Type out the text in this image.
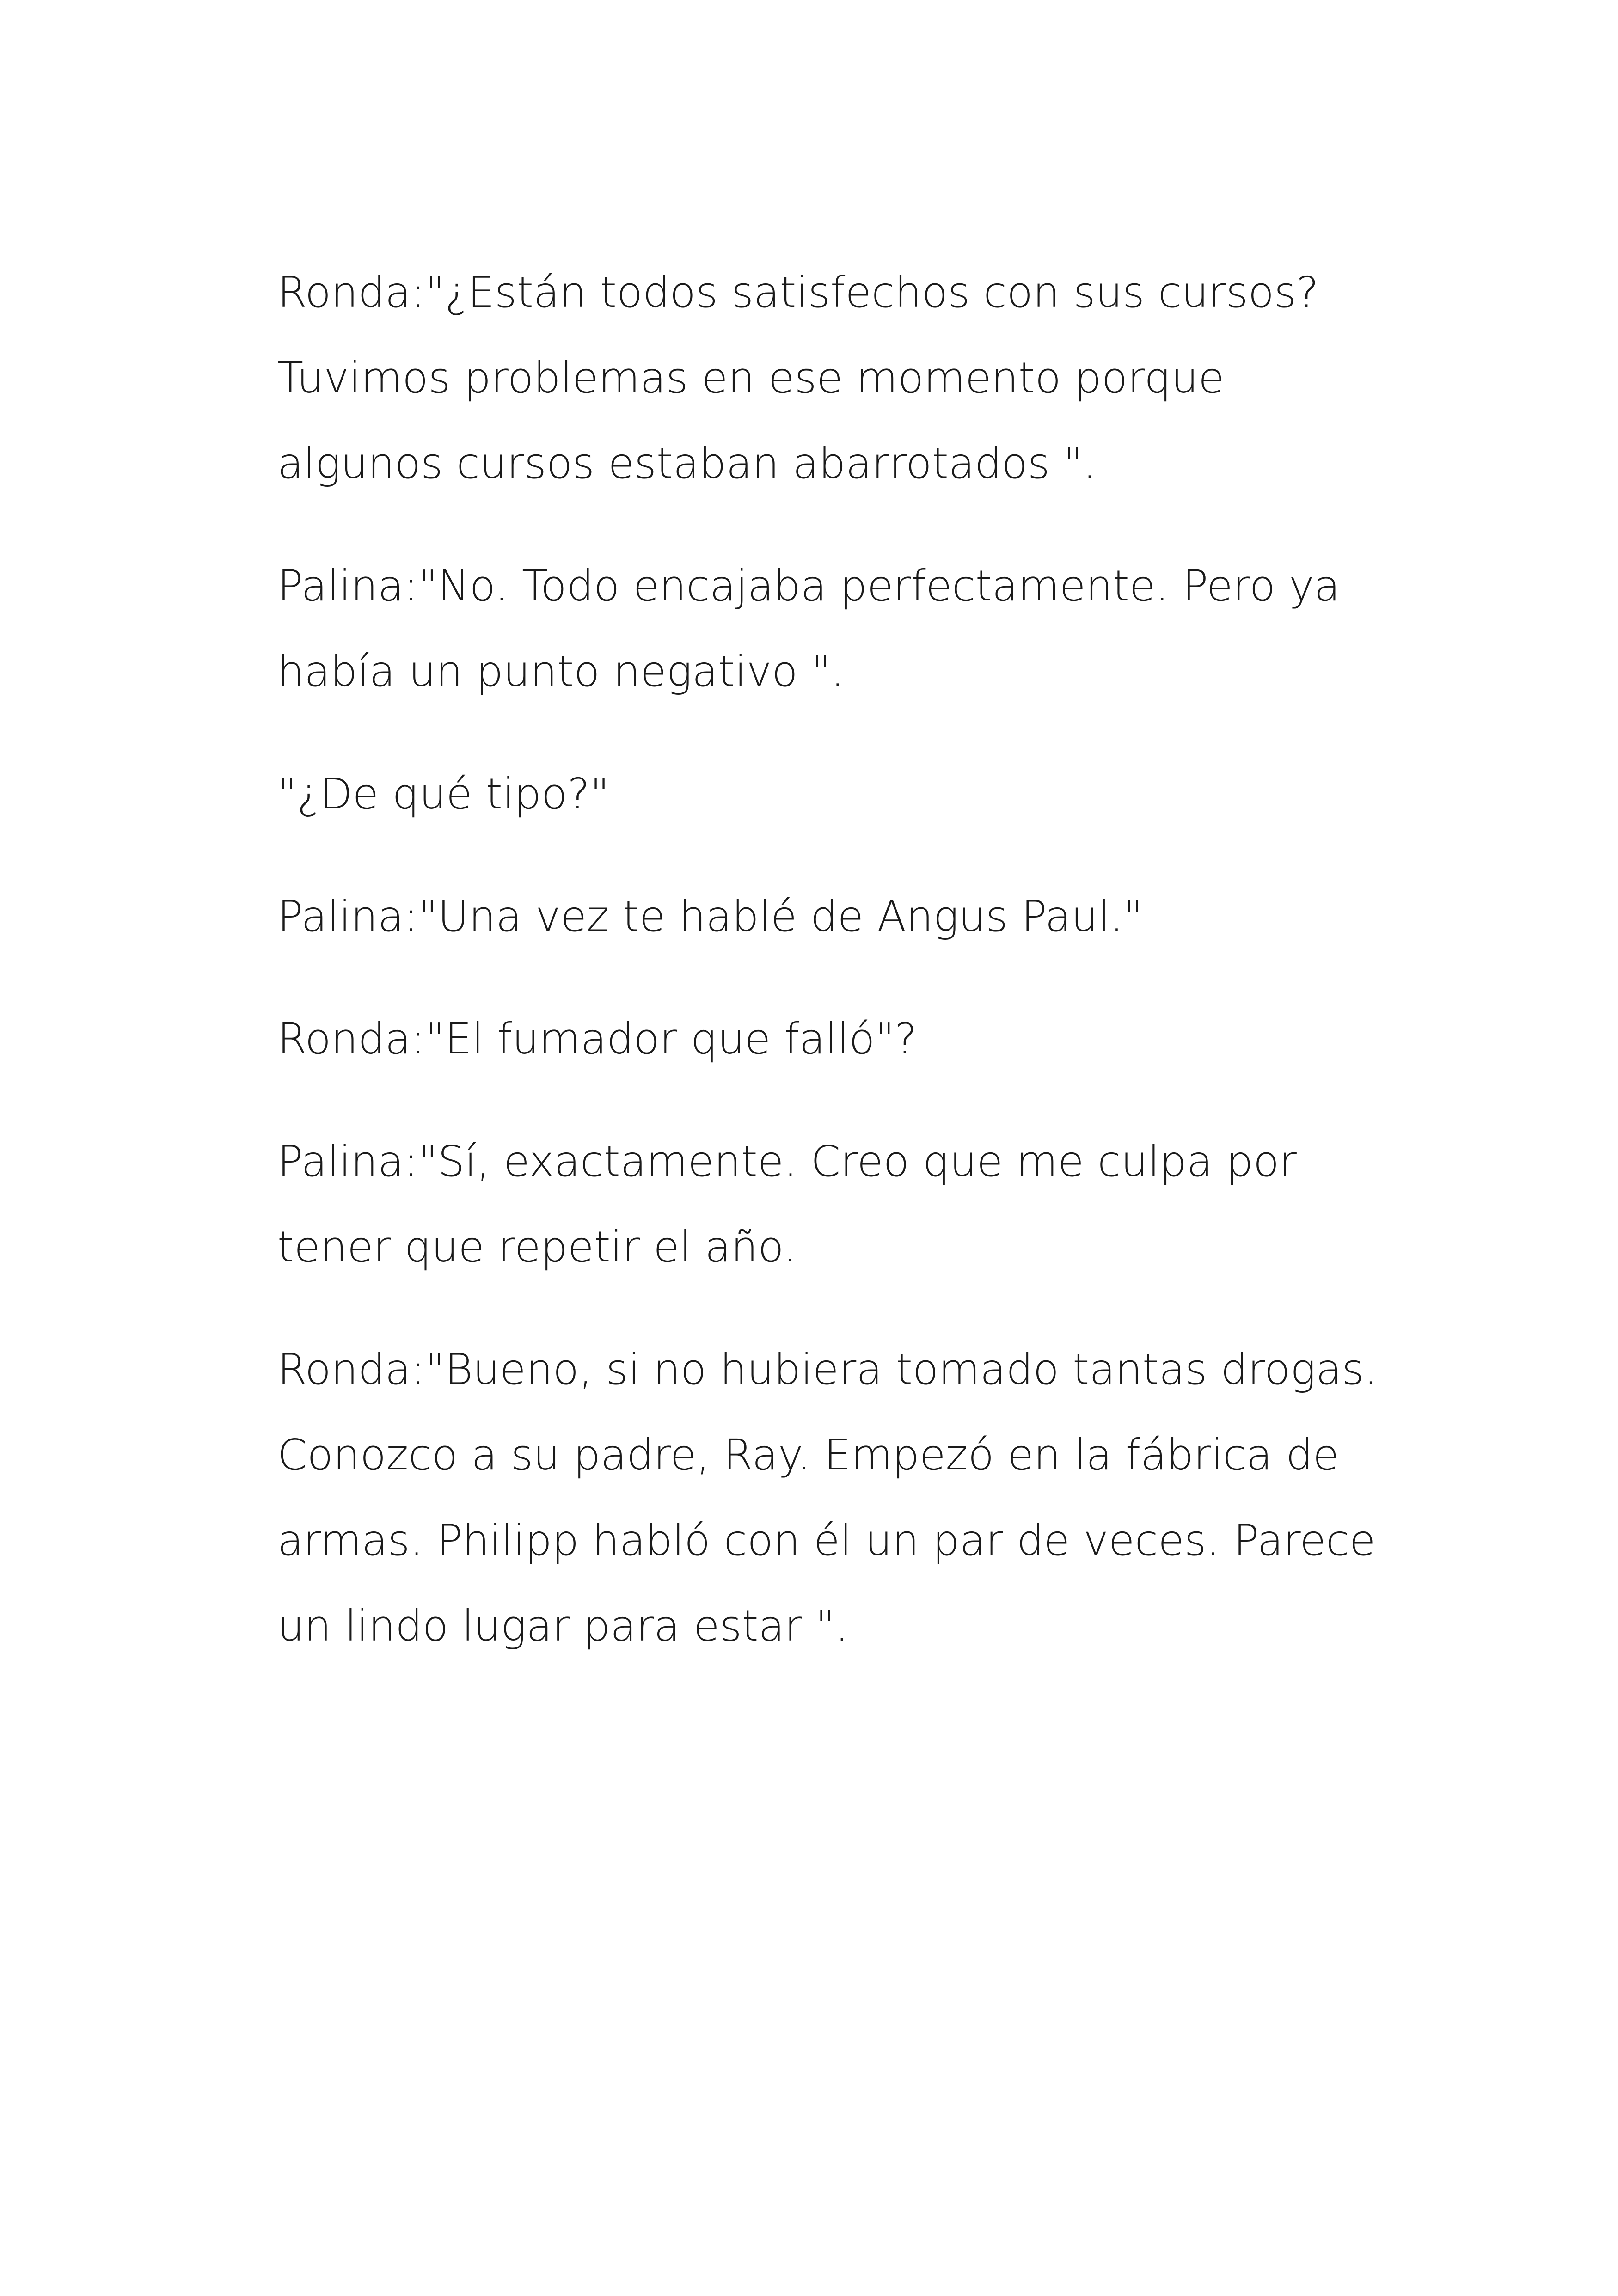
Ronda:"¿Están todos satisfechos con sus cursos? Tuvimos problemas en ese momento porque algunos cursos estaban abarrotados ".

Palina:"No. Todo encajaba perfectamente. Pero ya había un punto negativo ".

"¿De qué tipo?"

Palina:"Una vez te hablé de Angus Paul."

Ronda:"El fumador que falló"?

Palina:"Sí, exactamente. Creo que me culpa por tener que repetir el año.

Ronda:"Bueno, si no hubiera tomado tantas drogas. Conozco a su padre, Ray. Empezó en la fábrica de armas. Philipp habló con él un par de veces. Parece un lindo lugar para estar ".
